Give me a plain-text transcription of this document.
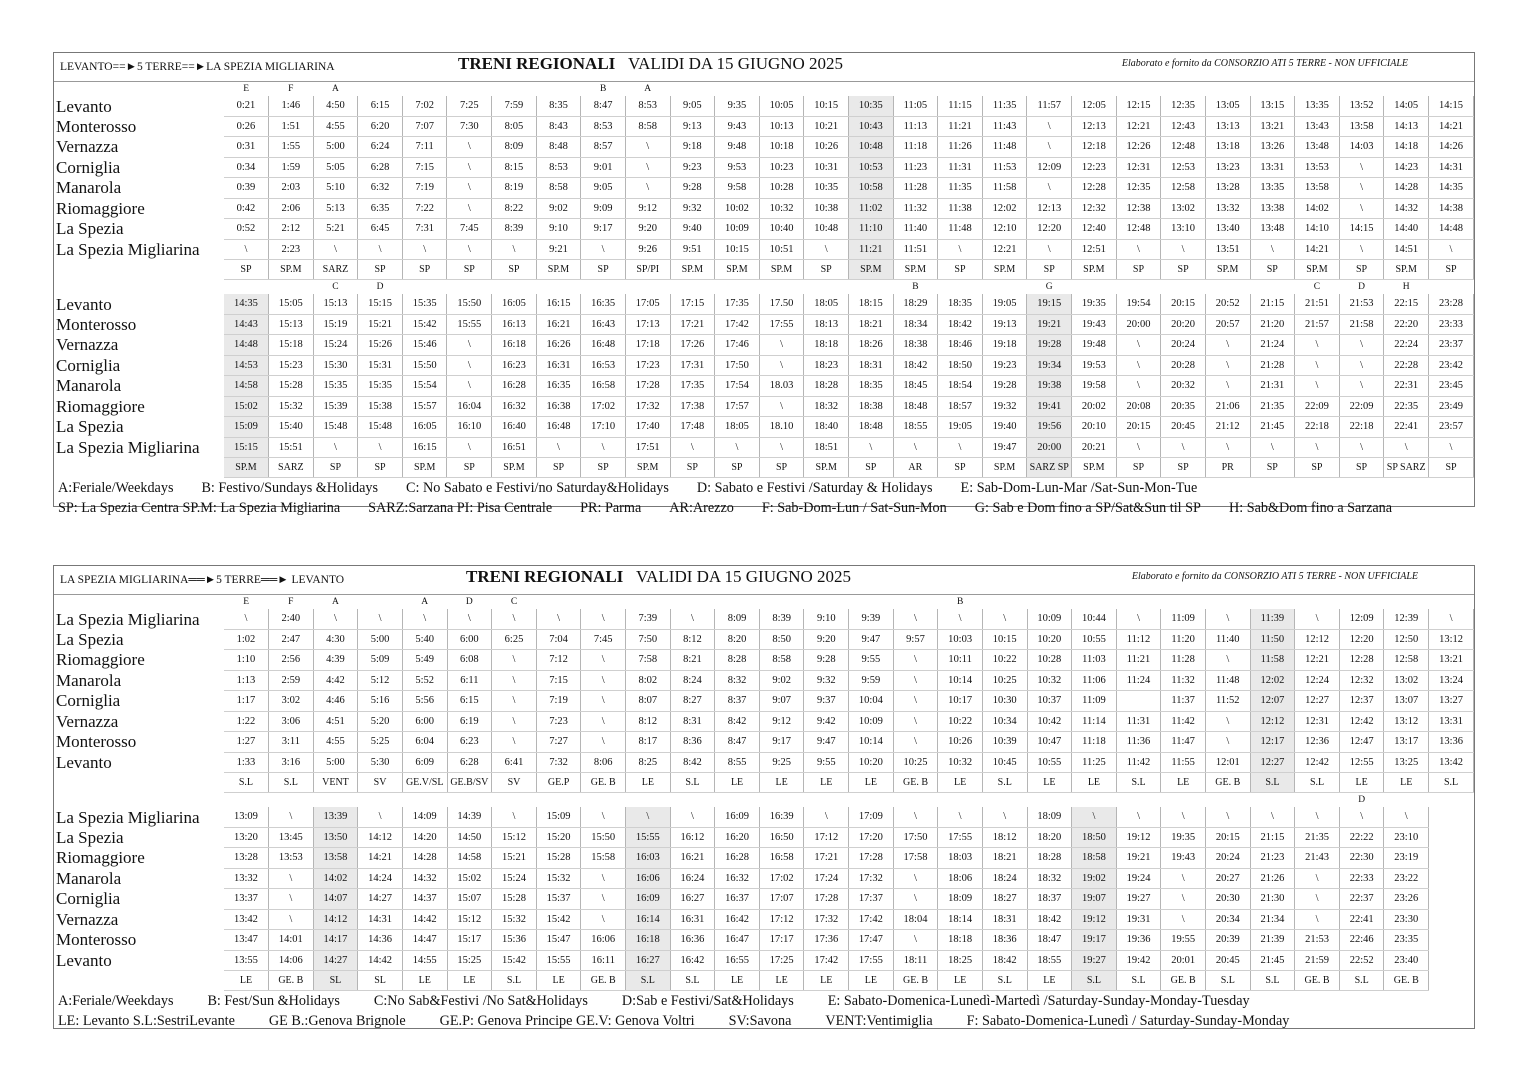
LEVANTO==►5 TERRE==►LA SPEZIA MIGLIARINA	TRENI REGIONALI VALIDI DA 15 GIUGNO 2025	Elaborato e fornito da CONSORZIO ATI 5 TERRE - NON UFFICIALE
	E	F	A						B	A																		
Levanto	0:21	1:46	4:50	6:15	7:02	7:25	7:59	8:35	8:47	8:53	9:05	9:35	10:05	10:15	10:35	11:05	11:15	11:35	11:57	12:05	12:15	12:35	13:05	13:15	13:35	13:52	14:05	14:15
Monterosso	0:26	1:51	4:55	6:20	7:07	7:30	8:05	8:43	8:53	8:58	9:13	9:43	10:13	10:21	10:43	11:13	11:21	11:43	\	12:13	12:21	12:43	13:13	13:21	13:43	13:58	14:13	14:21
Vernazza	0:31	1:55	5:00	6:24	7:11	\	8:09	8:48	8:57	\	9:18	9:48	10:18	10:26	10:48	11:18	11:26	11:48	\	12:18	12:26	12:48	13:18	13:26	13:48	14:03	14:18	14:26
Corniglia	0:34	1:59	5:05	6:28	7:15	\	8:15	8:53	9:01	\	9:23	9:53	10:23	10:31	10:53	11:23	11:31	11:53	12:09	12:23	12:31	12:53	13:23	13:31	13:53	\	14:23	14:31
Manarola	0:39	2:03	5:10	6:32	7:19	\	8:19	8:58	9:05	\	9:28	9:58	10:28	10:35	10:58	11:28	11:35	11:58	\	12:28	12:35	12:58	13:28	13:35	13:58	\	14:28	14:35
Riomaggiore	0:42	2:06	5:13	6:35	7:22	\	8:22	9:02	9:09	9:12	9:32	10:02	10:32	10:38	11:02	11:32	11:38	12:02	12:13	12:32	12:38	13:02	13:32	13:38	14:02	\	14:32	14:38
La Spezia	0:52	2:12	5:21	6:45	7:31	7:45	8:39	9:10	9:17	9:20	9:40	10:09	10:40	10:48	11:10	11:40	11:48	12:10	12:20	12:40	12:48	13:10	13:40	13:48	14:10	14:15	14:40	14:48
La Spezia Migliarina	\	2:23	\	\	\	\	\	9:21	\	9:26	9:51	10:15	10:51	\	11:21	11:51	\	12:21	\	12:51	\	\	13:51	\	14:21	\	14:51	\
	SP	SP.M	SARZ	SP	SP	SP	SP	SP.M	SP	SP/PI	SP.M	SP.M	SP.M	SP	SP.M	SP.M	SP	SP.M	SP	SP.M	SP	SP	SP.M	SP	SP.M	SP	SP.M	SP
			C	D												B			G						C	D	H	
Levanto	14:35	15:05	15:13	15:15	15:35	15:50	16:05	16:15	16:35	17:05	17:15	17:35	17.50	18:05	18:15	18:29	18:35	19:05	19:15	19:35	19:54	20:15	20:52	21:15	21:51	21:53	22:15	23:28
Monterosso	14:43	15:13	15:19	15:21	15:42	15:55	16:13	16:21	16:43	17:13	17:21	17:42	17:55	18:13	18:21	18:34	18:42	19:13	19:21	19:43	20:00	20:20	20:57	21:20	21:57	21:58	22:20	23:33
Vernazza	14:48	15:18	15:24	15:26	15:46	\	16:18	16:26	16:48	17:18	17:26	17:46	\	18:18	18:26	18:38	18:46	19:18	19:28	19:48	\	20:24	\	21:24	\	\	22:24	23:37
Corniglia	14:53	15:23	15:30	15:31	15:50	\	16:23	16:31	16:53	17:23	17:31	17:50	\	18:23	18:31	18:42	18:50	19:23	19:34	19:53	\	20:28	\	21:28	\	\	22:28	23:42
Manarola	14:58	15:28	15:35	15:35	15:54	\	16:28	16:35	16:58	17:28	17:35	17:54	18.03	18:28	18:35	18:45	18:54	19:28	19:38	19:58	\	20:32	\	21:31	\	\	22:31	23:45
Riomaggiore	15:02	15:32	15:39	15:38	15:57	16:04	16:32	16:38	17:02	17:32	17:38	17:57	\	18:32	18:38	18:48	18:57	19:32	19:41	20:02	20:08	20:35	21:06	21:35	22:09	22:09	22:35	23:49
La Spezia	15:09	15:40	15:48	15:48	16:05	16:10	16:40	16:48	17:10	17:40	17:48	18:05	18.10	18:40	18:48	18:55	19:05	19:40	19:56	20:10	20:15	20:45	21:12	21:45	22:18	22:18	22:41	23:57
La Spezia Migliarina	15:15	15:51	\	\	16:15	\	16:51	\	\	17:51	\	\	\	18:51	\	\	\	19:47	20:00	20:21	\	\	\	\	\	\	\	\
	SP.M	SARZ	SP	SP	SP.M	SP	SP.M	SP	SP	SP.M	SP	SP	SP	SP.M	SP	AR	SP	SP.M	SARZ SP	SP.M	SP	SP	PR	SP	SP	SP	SP SARZ	SP
A:Feriale/Weekdays B: Festivo/Sundays &Holidays C: No Sabato e Festivi/no Saturday&Holidays D: Sabato e Festivi /Saturday & Holidays E: Sab-Dom-Lun-Mar /Sat-Sun-Mon-Tue
SP: La Spezia Centra SP.M: La Spezia Migliarina SARZ:Sarzana PI: Pisa Centrale PR: Parma AR:Arezzo F: Sab-Dom-Lun / Sat-Sun-Mon G: Sab e Dom fino a SP/Sat&Sun til SP H: Sab&Dom fino a Sarzana
LA SPEZIA MIGLIARINA══►5 TERRE══► LEVANTO	TRENI REGIONALI VALIDI DA 15 GIUGNO 2025	Elaborato e fornito da CONSORZIO ATI 5 TERRE - NON UFFICIALE
	E	F	A		A	D	C										B											
La Spezia Migliarina	\	2:40	\	\	\	\	\	\	\	7:39	\	8:09	8:39	9:10	9:39	\	\	\	10:09	10:44	\	11:09	\	11:39	\	12:09	12:39	\
La Spezia	1:02	2:47	4:30	5:00	5:40	6:00	6:25	7:04	7:45	7:50	8:12	8:20	8:50	9:20	9:47	9:57	10:03	10:15	10:20	10:55	11:12	11:20	11:40	11:50	12:12	12:20	12:50	13:12
Riomaggiore	1:10	2:56	4:39	5:09	5:49	6:08	\	7:12	\	7:58	8:21	8:28	8:58	9:28	9:55	\	10:11	10:22	10:28	11:03	11:21	11:28	\	11:58	12:21	12:28	12:58	13:21
Manarola	1:13	2:59	4:42	5:12	5:52	6:11	\	7:15	\	8:02	8:24	8:32	9:02	9:32	9:59	\	10:14	10:25	10:32	11:06	11:24	11:32	11:48	12:02	12:24	12:32	13:02	13:24
Corniglia	1:17	3:02	4:46	5:16	5:56	6:15	\	7:19	\	8:07	8:27	8:37	9:07	9:37	10:04	\	10:17	10:30	10:37	11:09		11:37	11:52	12:07	12:27	12:37	13:07	13:27
Vernazza	1:22	3:06	4:51	5:20	6:00	6:19	\	7:23	\	8:12	8:31	8:42	9:12	9:42	10:09	\	10:22	10:34	10:42	11:14	11:31	11:42	\	12:12	12:31	12:42	13:12	13:31
Monterosso	1:27	3:11	4:55	5:25	6:04	6:23	\	7:27	\	8:17	8:36	8:47	9:17	9:47	10:14	\	10:26	10:39	10:47	11:18	11:36	11:47	\	12:17	12:36	12:47	13:17	13:36
Levanto	1:33	3:16	5:00	5:30	6:09	6:28	6:41	7:32	8:06	8:25	8:42	8:55	9:25	9:55	10:20	10:25	10:32	10:45	10:55	11:25	11:42	11:55	12:01	12:27	12:42	12:55	13:25	13:42
	S.L	S.L	VENT	SV	GE.V/SL	GE.B/SV	SV	GE.P	GE. B	LE	S.L	LE	LE	LE	LE	GE. B	LE	S.L	LE	LE	S.L	LE	GE. B	S.L	S.L	LE	LE	S.L
																										D		
La Spezia Migliarina	13:09	\	13:39	\	14:09	14:39	\	15:09	\	\	\	16:09	16:39	\	17:09	\	\	\	18:09	\	\	\	\	\	\	\	\	
La Spezia	13:20	13:45	13:50	14:12	14:20	14:50	15:12	15:20	15:50	15:55	16:12	16:20	16:50	17:12	17:20	17:50	17:55	18:12	18:20	18:50	19:12	19:35	20:15	21:15	21:35	22:22	23:10	
Riomaggiore	13:28	13:53	13:58	14:21	14:28	14:58	15:21	15:28	15:58	16:03	16:21	16:28	16:58	17:21	17:28	17:58	18:03	18:21	18:28	18:58	19:21	19:43	20:24	21:23	21:43	22:30	23:19	
Manarola	13:32	\	14:02	14:24	14:32	15:02	15:24	15:32	\	16:06	16:24	16:32	17:02	17:24	17:32	\	18:06	18:24	18:32	19:02	19:24	\	20:27	21:26	\	22:33	23:22	
Corniglia	13:37	\	14:07	14:27	14:37	15:07	15:28	15:37	\	16:09	16:27	16:37	17:07	17:28	17:37	\	18:09	18:27	18:37	19:07	19:27	\	20:30	21:30	\	22:37	23:26	
Vernazza	13:42	\	14:12	14:31	14:42	15:12	15:32	15:42	\	16:14	16:31	16:42	17:12	17:32	17:42	18:04	18:14	18:31	18:42	19:12	19:31	\	20:34	21:34	\	22:41	23:30	
Monterosso	13:47	14:01	14:17	14:36	14:47	15:17	15:36	15:47	16:06	16:18	16:36	16:47	17:17	17:36	17:47	\	18:18	18:36	18:47	19:17	19:36	19:55	20:39	21:39	21:53	22:46	23:35	
Levanto	13:55	14:06	14:27	14:42	14:55	15:25	15:42	15:55	16:11	16:27	16:42	16:55	17:25	17:42	17:55	18:11	18:25	18:42	18:55	19:27	19:42	20:01	20:45	21:45	21:59	22:52	23:40	
	LE	GE. B	SL	SL	LE	LE	S.L	LE	GE. B	S.L	S.L	LE	LE	LE	LE	GE. B	LE	S.L	LE	S.L	S.L	GE. B	S.L	S.L	GE. B	S.L	GE. B	
A:Feriale/Weekdays B: Fest/Sun &Holidays C:No Sab&Festivi /No Sat&Holidays D:Sab e Festivi/Sat&Holidays E: Sabato-Domenica-Lunedì-Martedì /Saturday-Sunday-Monday-Tuesday
LE: Levanto S.L:SestriLevante GE B.:Genova Brignole GE.P: Genova Principe GE.V: Genova Voltri SV:Savona VENT:Ventimiglia F: Sabato-Domenica-Lunedì / Saturday-Sunday-Monday
